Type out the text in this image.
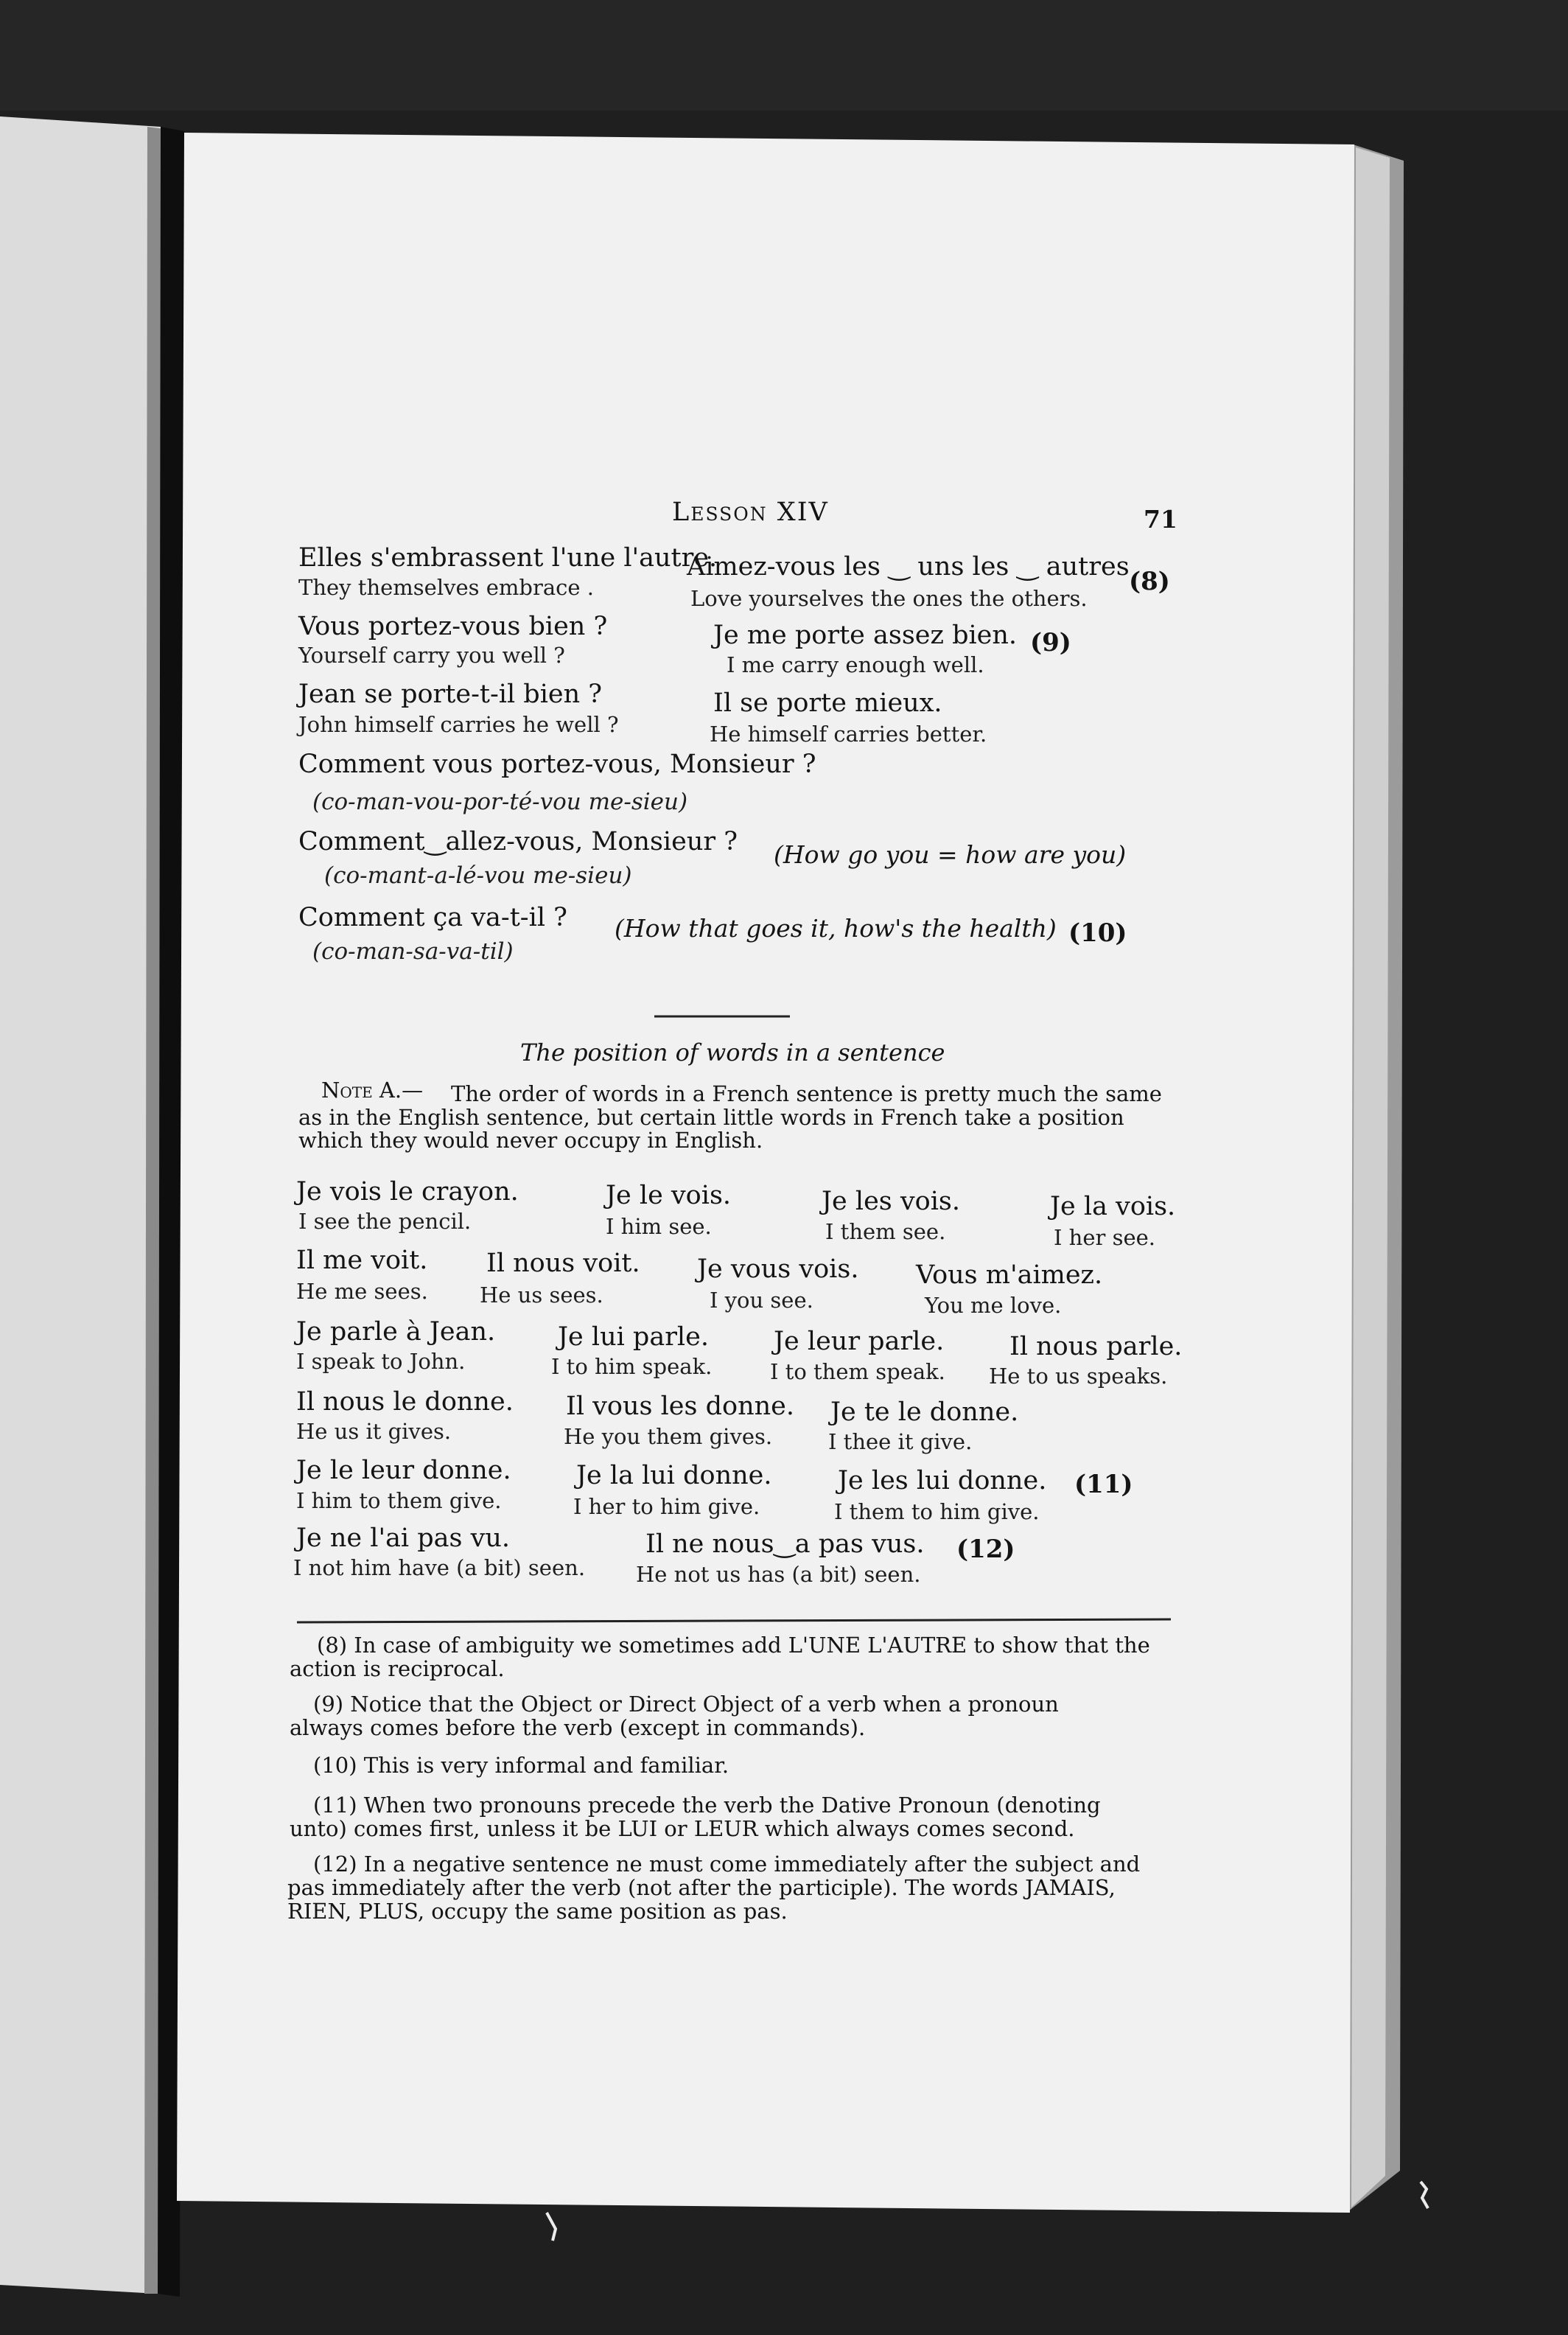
Lesson XIV	71
Elles s'embrassent l'une l'autre.
They themselves embrace .
Aimez-vous les ‿ uns les ‿ autres
Love yourselves the ones the others.
(8)
Vous portez-vous bien ?
Yourself carry you well ?
Je me porte assez bien.
I me carry enough well.
(9)
Jean se porte-t-il bien ?
John himself carries he well ?
Il se porte mieux.
He himself carries better.
Comment vous portez-vous, Monsieur ?
(co-man-vou-por-té-vou me-sieu)
Comment‿allez-vous, Monsieur ?
(co-mant-a-lé-vou me-sieu)
(How go you = how are you)
Comment ça va-t-il ?
(co-man-sa-va-til)
(How that goes it, how's the health) (10)
The position of words in a sentence
Note A.— The order of words in a French sentence is pretty much the same
as in the English sentence, but certain little words in French take a position
which they would never occupy in English.
Je vois le crayon.
I see the pencil.
Je le vois.
I him see.
Je les vois.
I them see.
Je la vois.
I her see.
Il me voit.
He me sees.
Il nous voit.
He us sees.
Je vous vois.
I you see.
Vous m'aimez.
You me love.
Je parle à Jean.
I speak to John.
Je lui parle.
I to him speak.
Je leur parle.
I to them speak.
Il nous parle.
He to us speaks.
Il nous le donne.
He us it gives.
Il vous les donne.
He you them gives.
Je te le donne.
I thee it give.
Je le leur donne.
I him to them give.
Je la lui donne.
I her to him give.
Je les lui donne.
I them to him give.
(11)
Je ne l'ai pas vu.
I not him have (a bit) seen.
Il ne nous‿a pas vus.
He not us has (a bit) seen.
(12)
(8) In case of ambiguity we sometimes add L'UNE L'AUTRE to show that the
action is reciprocal.
(9) Notice that the Object or Direct Object of a verb when a pronoun
always comes before the verb (except in commands).
(10) This is very informal and familiar.
(11) When two pronouns precede the verb the Dative Pronoun (denoting
unto) comes first, unless it be LUI or LEUR which always comes second.
(12) In a negative sentence ne must come immediately after the subject and
pas immediately after the verb (not after the participle). The words JAMAIS,
RIEN, PLUS, occupy the same position as pas.
